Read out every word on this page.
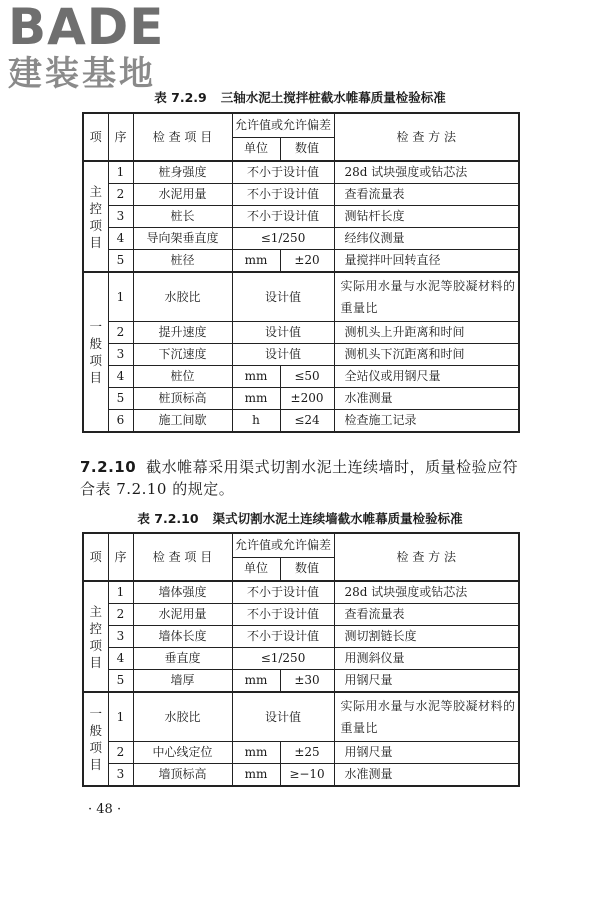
BADE
建装基地
表 7.2.9 三轴水泥土搅拌桩截水帷幕质量检验标准
项	序	检 查 项 目	允许值或允许偏差		检 查 方 法
			单位	数值	
主
控
项
目	1	桩身强度	不小于设计值		28d 试块强度或钻芯法
	2	水泥用量	不小于设计值		查看流量表
	3	桩长	不小于设计值		测钻杆长度
	4	导向架垂直度	≤1/250		经纬仪测量
	5	桩径	mm	±20	量搅拌叶回转直径
一
般
项
目	1	水胶比	设计值		实际用水量与水泥等胶凝材料的重量比
	2	提升速度	设计值		测机头上升距离和时间
	3	下沉速度	设计值		测机头下沉距离和时间
	4	桩位	mm	≤50	全站仪或用钢尺量
	5	桩顶标高	mm	±200	水准测量
	6	施工间歇	h	≤24	检查施工记录
7.2.10 截水帷幕采用渠式切割水泥土连续墙时，质量检验应符合表 7.2.10 的规定。
表 7.2.10 渠式切割水泥土连续墙截水帷幕质量检验标准
项	序	检 查 项 目	允许值或允许偏差		检 查 方 法
			单位	数值	
主
控
项
目	1	墙体强度	不小于设计值		28d 试块强度或钻芯法
	2	水泥用量	不小于设计值		查看流量表
	3	墙体长度	不小于设计值		测切割链长度
	4	垂直度	≤1/250		用测斜仪量
	5	墙厚	mm	±30	用钢尺量
一
般
项
目	1	水胶比	设计值		实际用水量与水泥等胶凝材料的重量比
	2	中心线定位	mm	±25	用钢尺量
	3	墙顶标高	mm	≥−10	水准测量
· 48 ·
